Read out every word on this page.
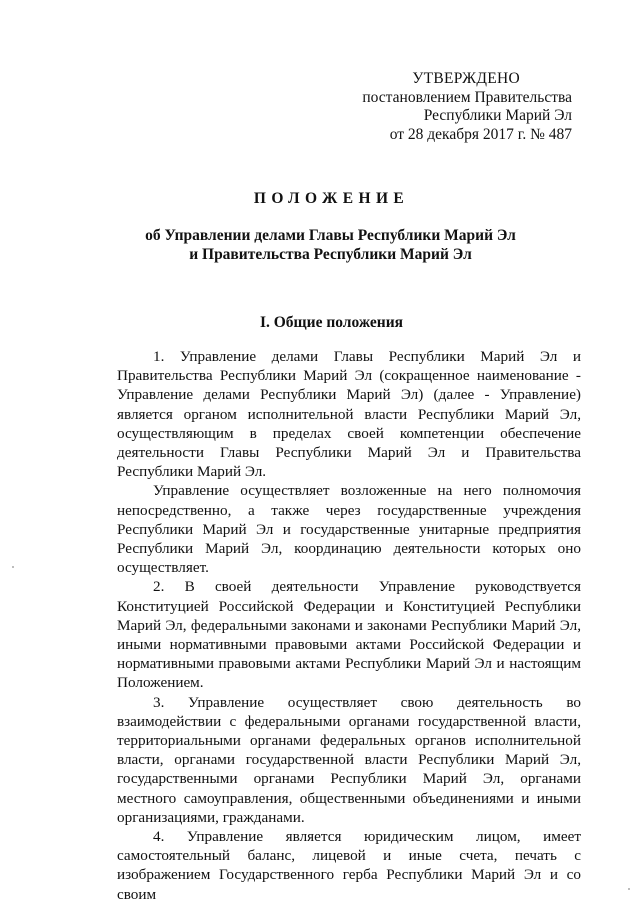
УТВЕРЖДЕНО
постановлением Правительства
Республики Марий Эл
от 28 декабря 2017 г. № 487
ПОЛОЖЕНИЕ
об Управлении делами Главы Республики Марий Эл
и Правительства Республики Марий Эл
I. Общие положения

1. Управление делами Главы Республики Марий Эл и Правительства Республики Марий Эл (сокращенное наименование - Управление делами Республики Марий Эл) (далее - Управление) является органом исполнительной власти Республики Марий Эл, осуществляющим в пределах своей компетенции обеспечение деятельности Главы Республики Марий Эл и Правительства Республики Марий Эл.

Управление осуществляет возложенные на него полномочия непосредственно, а также через государственные учреждения Республики Марий Эл и государственные унитарные предприятия Республики Марий Эл, координацию деятельности которых оно осуществляет.

2. В своей деятельности Управление руководствуется Конституцией Российской Федерации и Конституцией Республики Марий Эл, федеральными законами и законами Республики Марий Эл, иными нормативными правовыми актами Российской Федерации и нормативными правовыми актами Республики Марий Эл и настоящим Положением.

3. Управление осуществляет свою деятельность во взаимодействии с федеральными органами государственной власти, территориальными органами федеральных органов исполнительной власти, органами государственной власти Республики Марий Эл, государственными органами Республики Марий Эл, органами местного самоуправления, общественными объединениями и иными организациями, гражданами.

4. Управление является юридическим лицом, имеет самостоятельный баланс, лицевой и иные счета, печать с изображением Государственного герба Республики Марий Эл и со своим
